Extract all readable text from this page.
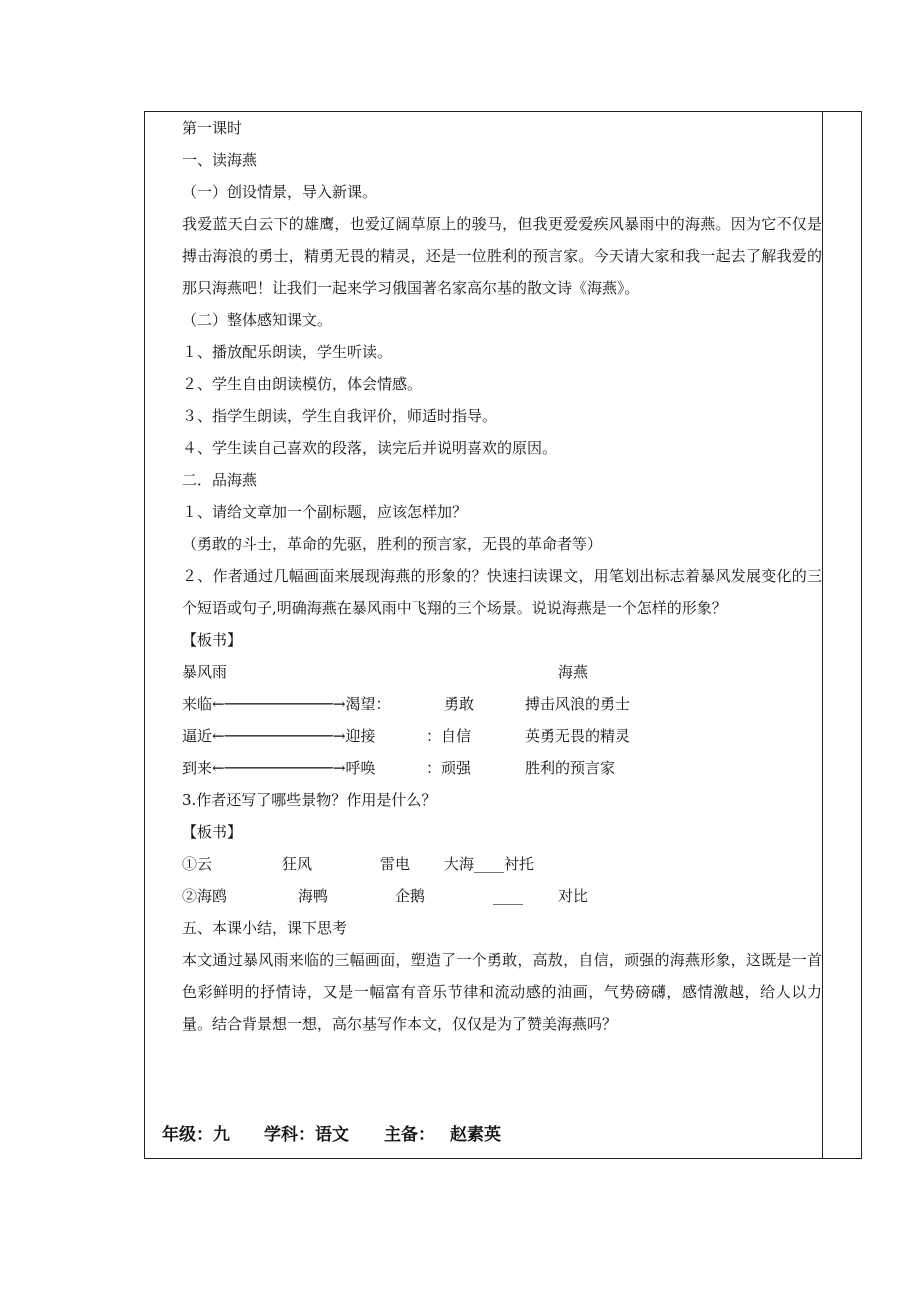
第一课时
一、读海燕
（一）创设情景，导入新课。
我爱蓝天白云下的雄鹰，也爱辽阔草原上的骏马，但我更爱爱疾风暴雨中的海燕。因为它不仅是搏击海浪的勇士，精勇无畏的精灵，还是一位胜利的预言家。今天请大家和我一起去了解我爱的那只海燕吧！让我们一起来学习俄国著名家高尔基的散文诗《海燕》。
（二）整体感知课文。
１、播放配乐朗读，学生听读。
２、学生自由朗读模仿，体会情感。
３、指学生朗读，学生自我评价，师适时指导。
４、学生读自己喜欢的段落，读完后并说明喜欢的原因。
二．品海燕
１、请给文章加一个副标题，应该怎样加？
（勇敢的斗士，革命的先驱，胜利的预言家，无畏的革命者等）
２、作者通过几幅画面来展现海燕的形象的？快速扫读课文，用笔划出标志着暴风发展变化的三个短语或句子,明确海燕在暴风雨中飞翔的三个场景。说说海燕是一个怎样的形象？
【板书】
暴风雨	海燕
来临←────────────→渴望：	勇敢	搏击风浪的勇士
逼近←────────────→迎接	：自信	英勇无畏的精灵
到来←────────────→呼唤	：顽强	胜利的预言家
3.作者还写了哪些景物？作用是什么？
【板书】
①云	狂风	雷电 大海____衬托
②海鸥	海鸭	企鹅	____ 对比
五、本课小结，课下思考
本文通过暴风雨来临的三幅画面，塑造了一个勇敢，高敖，自信，顽强的海燕形象，这既是一首色彩鲜明的抒情诗，又是一幅富有音乐节律和流动感的油画，气势磅礴，感情激越，给人以力量。结合背景想一想，高尔基写作本文，仅仅是为了赞美海燕吗？
年级：九 学科：语文 主备： 赵素英
